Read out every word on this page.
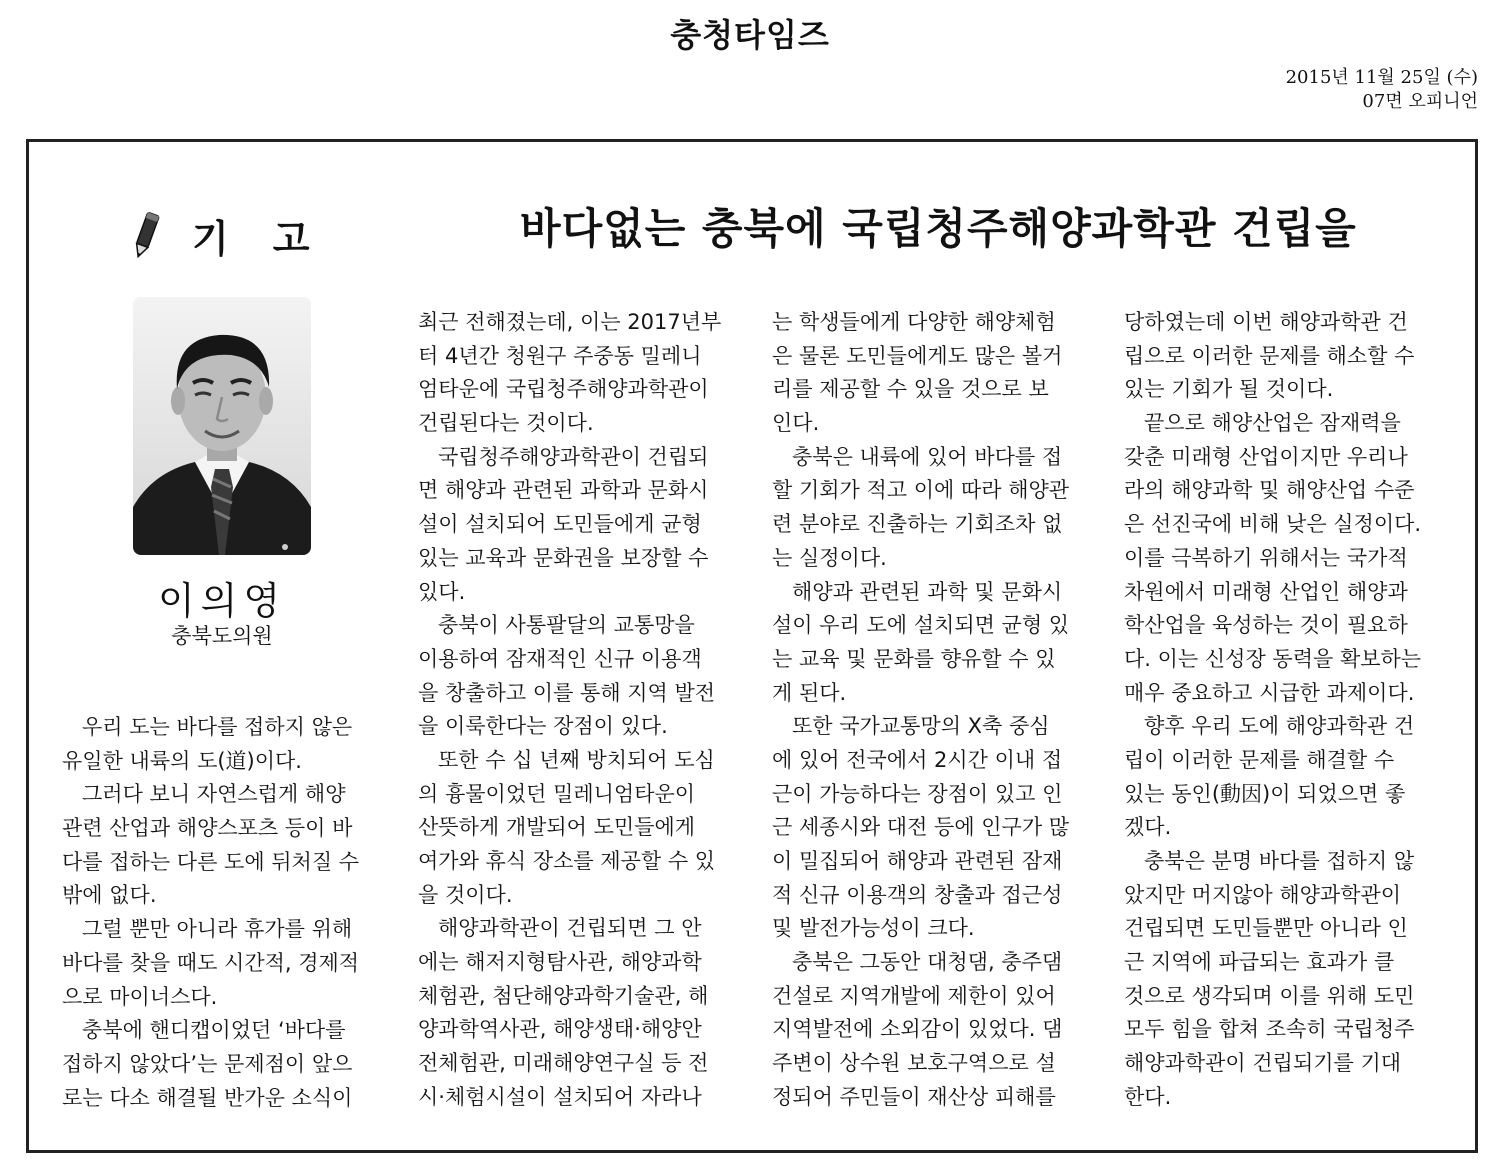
충청타임즈
2015년 11월 25일 (수)
07면 오피니언
기고	바다없는 충북에 국립청주해양과학관 건립을
이의영
충북도의원
우리 도는 바다를 접하지 않은
유일한 내륙의 도(道)이다.
그러다 보니 자연스럽게 해양
관련 산업과 해양스포츠 등이 바
다를 접하는 다른 도에 뒤처질 수
밖에 없다.
그럴 뿐만 아니라 휴가를 위해
바다를 찾을 때도 시간적, 경제적
으로 마이너스다.
충북에 핸디캡이었던 ‘바다를
접하지 않았다’는 문제점이 앞으
로는 다소 해결될 반가운 소식이
최근 전해졌는데, 이는 2017년부
터 4년간 청원구 주중동 밀레니
엄타운에 국립청주해양과학관이
건립된다는 것이다.
국립청주해양과학관이 건립되
면 해양과 관련된 과학과 문화시
설이 설치되어 도민들에게 균형
있는 교육과 문화권을 보장할 수
있다.
충북이 사통팔달의 교통망을
이용하여 잠재적인 신규 이용객
을 창출하고 이를 통해 지역 발전
을 이룩한다는 장점이 있다.
또한 수 십 년째 방치되어 도심
의 흉물이었던 밀레니엄타운이
산뜻하게 개발되어 도민들에게
여가와 휴식 장소를 제공할 수 있
을 것이다.
해양과학관이 건립되면 그 안
에는 해저지형탐사관, 해양과학
체험관, 첨단해양과학기술관, 해
양과학역사관, 해양생태·해양안
전체험관, 미래해양연구실 등 전
시·체험시설이 설치되어 자라나
는 학생들에게 다양한 해양체험
은 물론 도민들에게도 많은 볼거
리를 제공할 수 있을 것으로 보
인다.
충북은 내륙에 있어 바다를 접
할 기회가 적고 이에 따라 해양관
련 분야로 진출하는 기회조차 없
는 실정이다.
해양과 관련된 과학 및 문화시
설이 우리 도에 설치되면 균형 있
는 교육 및 문화를 향유할 수 있
게 된다.
또한 국가교통망의 X축 중심
에 있어 전국에서 2시간 이내 접
근이 가능하다는 장점이 있고 인
근 세종시와 대전 등에 인구가 많
이 밀집되어 해양과 관련된 잠재
적 신규 이용객의 창출과 접근성
및 발전가능성이 크다.
충북은 그동안 대청댐, 충주댐
건설로 지역개발에 제한이 있어
지역발전에 소외감이 있었다. 댐
주변이 상수원 보호구역으로 설
정되어 주민들이 재산상 피해를
당하였는데 이번 해양과학관 건
립으로 이러한 문제를 해소할 수
있는 기회가 될 것이다.
끝으로 해양산업은 잠재력을
갖춘 미래형 산업이지만 우리나
라의 해양과학 및 해양산업 수준
은 선진국에 비해 낮은 실정이다.
이를 극복하기 위해서는 국가적
차원에서 미래형 산업인 해양과
학산업을 육성하는 것이 필요하
다. 이는 신성장 동력을 확보하는
매우 중요하고 시급한 과제이다.
향후 우리 도에 해양과학관 건
립이 이러한 문제를 해결할 수
있는 동인(動因)이 되었으면 좋
겠다.
충북은 분명 바다를 접하지 않
았지만 머지않아 해양과학관이
건립되면 도민들뿐만 아니라 인
근 지역에 파급되는 효과가 클
것으로 생각되며 이를 위해 도민
모두 힘을 합쳐 조속히 국립청주
해양과학관이 건립되기를 기대
한다.
